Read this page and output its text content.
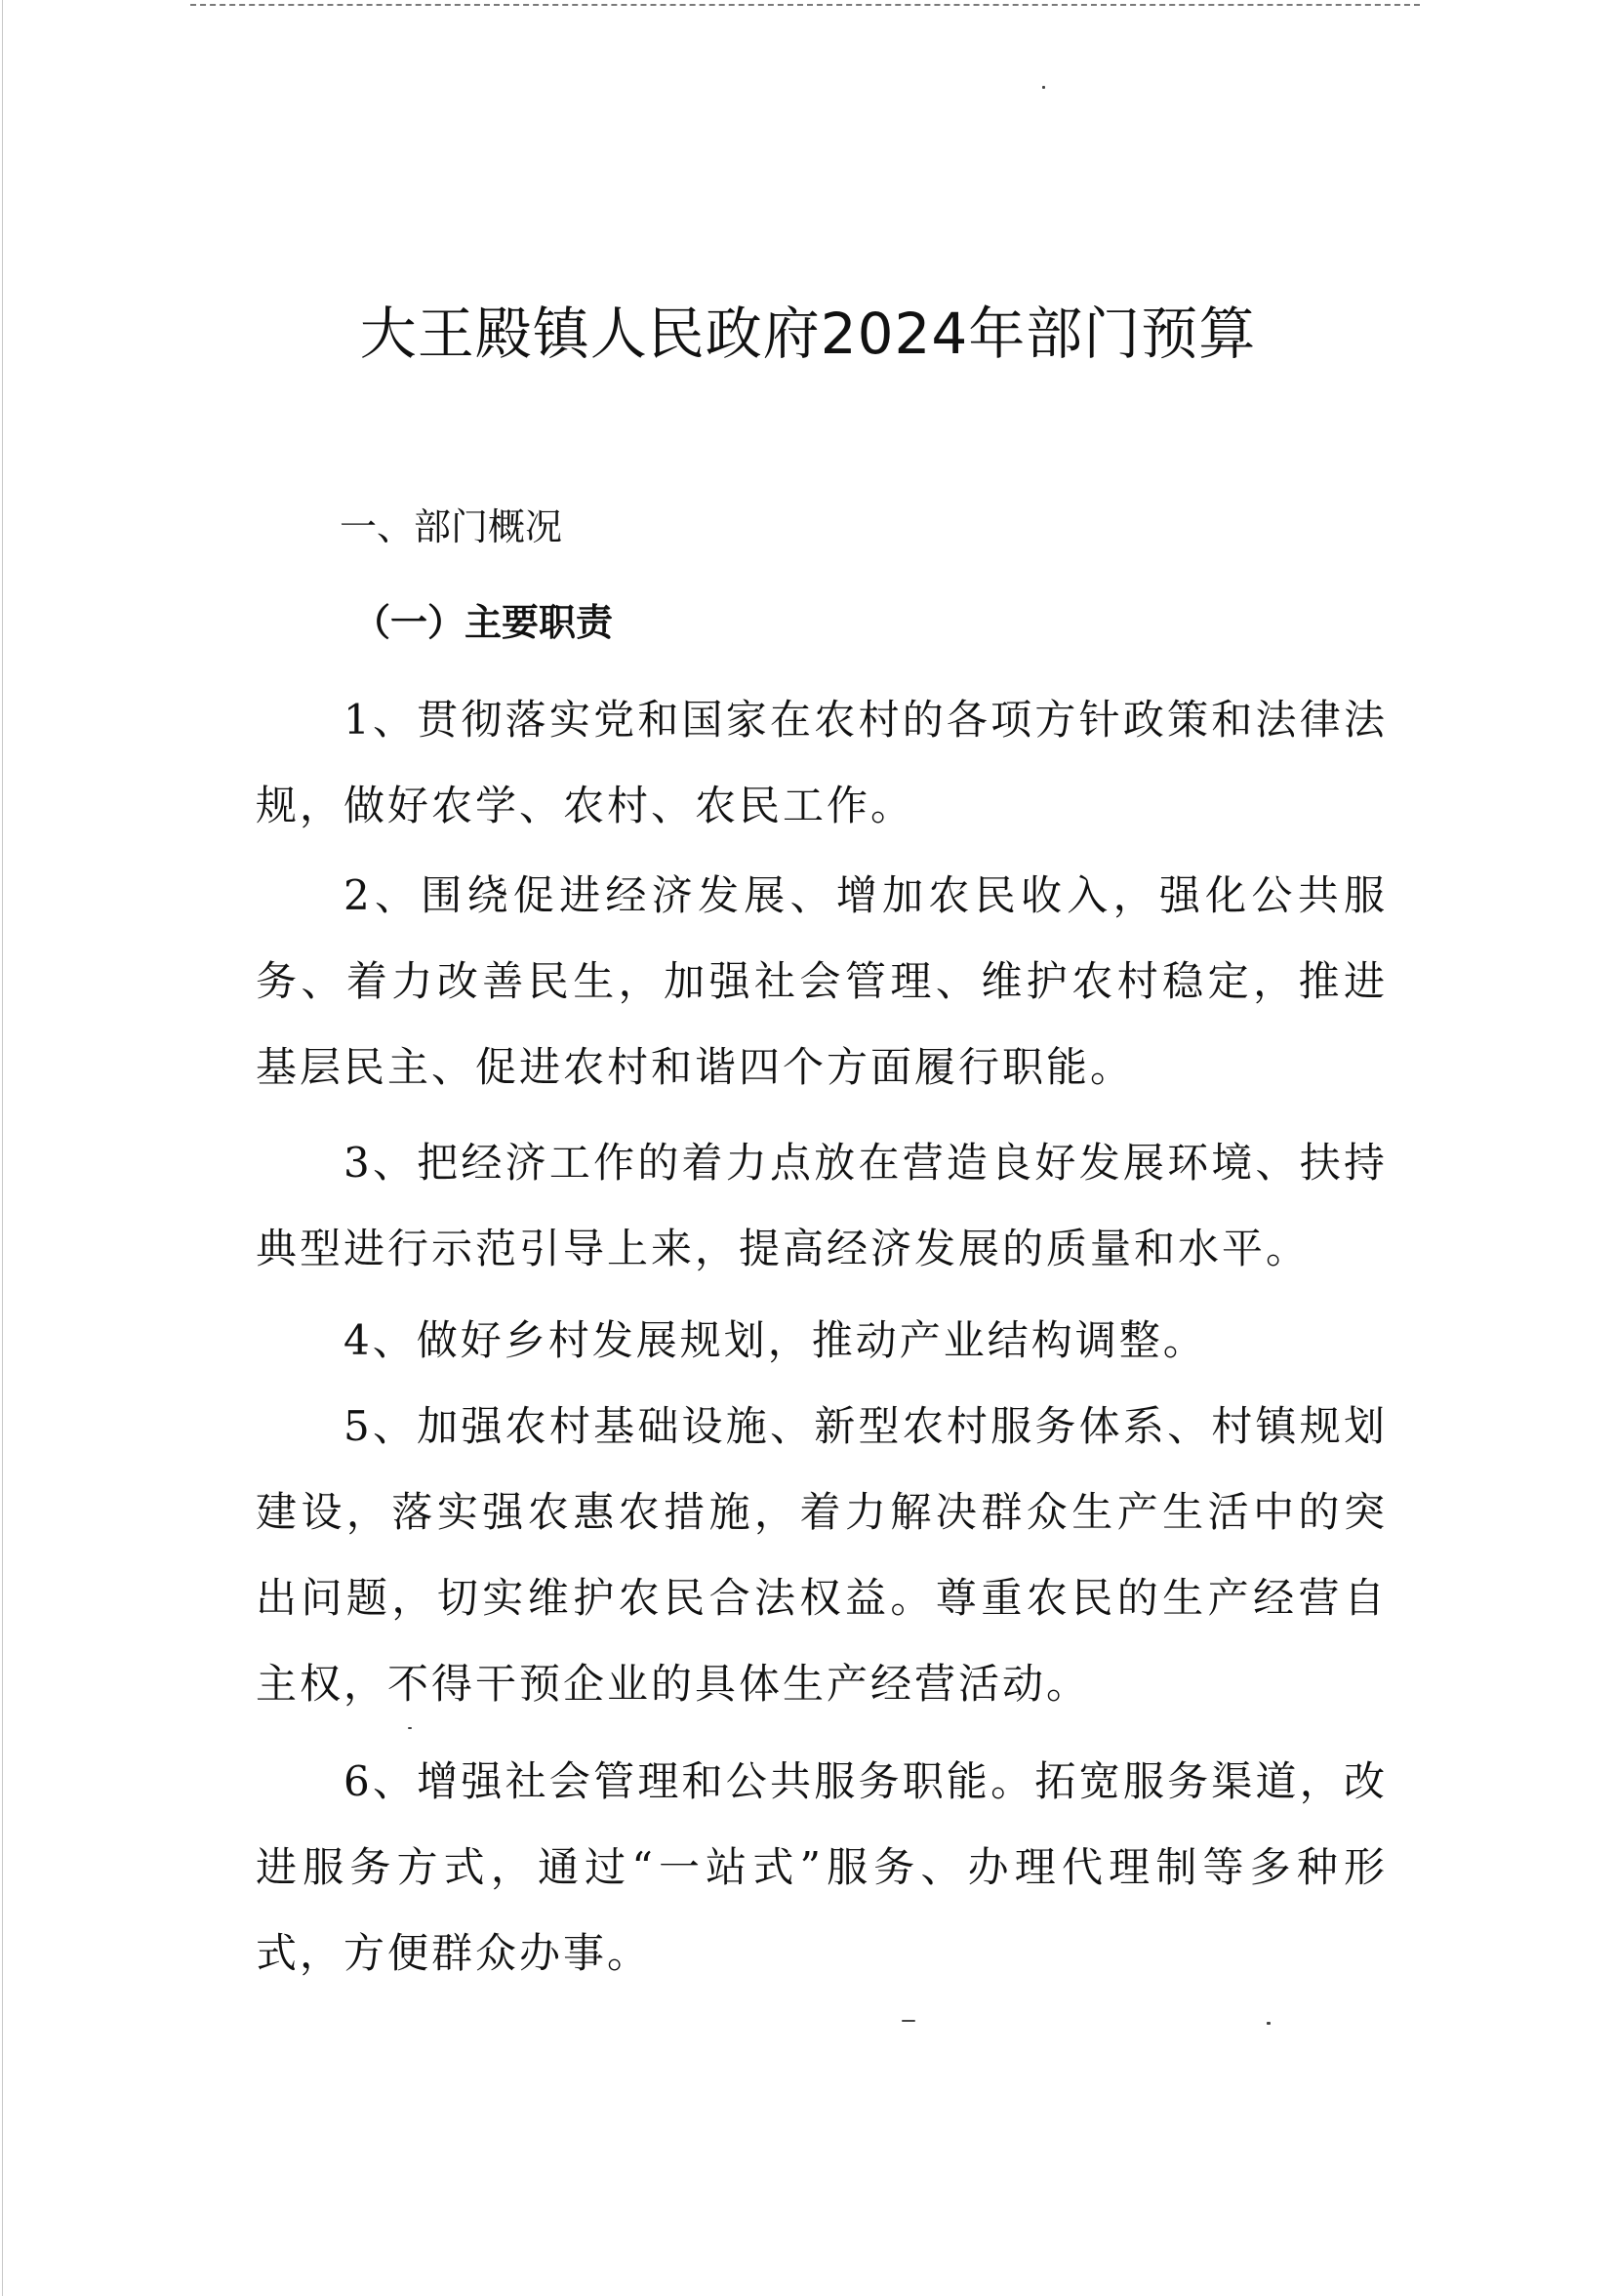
大王殿镇人民政府2024年部门预算
一、部门概况
（一）主要职责

1、贯彻落实党和国家在农村的各项方针政策和法律法规，做好农学、农村、农民工作。

2、围绕促进经济发展、增加农民收入，强化公共服务、着力改善民生，加强社会管理、维护农村稳定，推进基层民主、促进农村和谐四个方面履行职能。

3、把经济工作的着力点放在营造良好发展环境、扶持典型进行示范引导上来，提高经济发展的质量和水平。

4、做好乡村发展规划，推动产业结构调整。

5、加强农村基础设施、新型农村服务体系、村镇规划建设，落实强农惠农措施，着力解决群众生产生活中的突出问题，切实维护农民合法权益。尊重农民的生产经营自主权，不得干预企业的具体生产经营活动。

6、增强社会管理和公共服务职能。拓宽服务渠道，改进服务方式，通过“一站式”服务、办理代理制等多种形式，方便群众办事。
